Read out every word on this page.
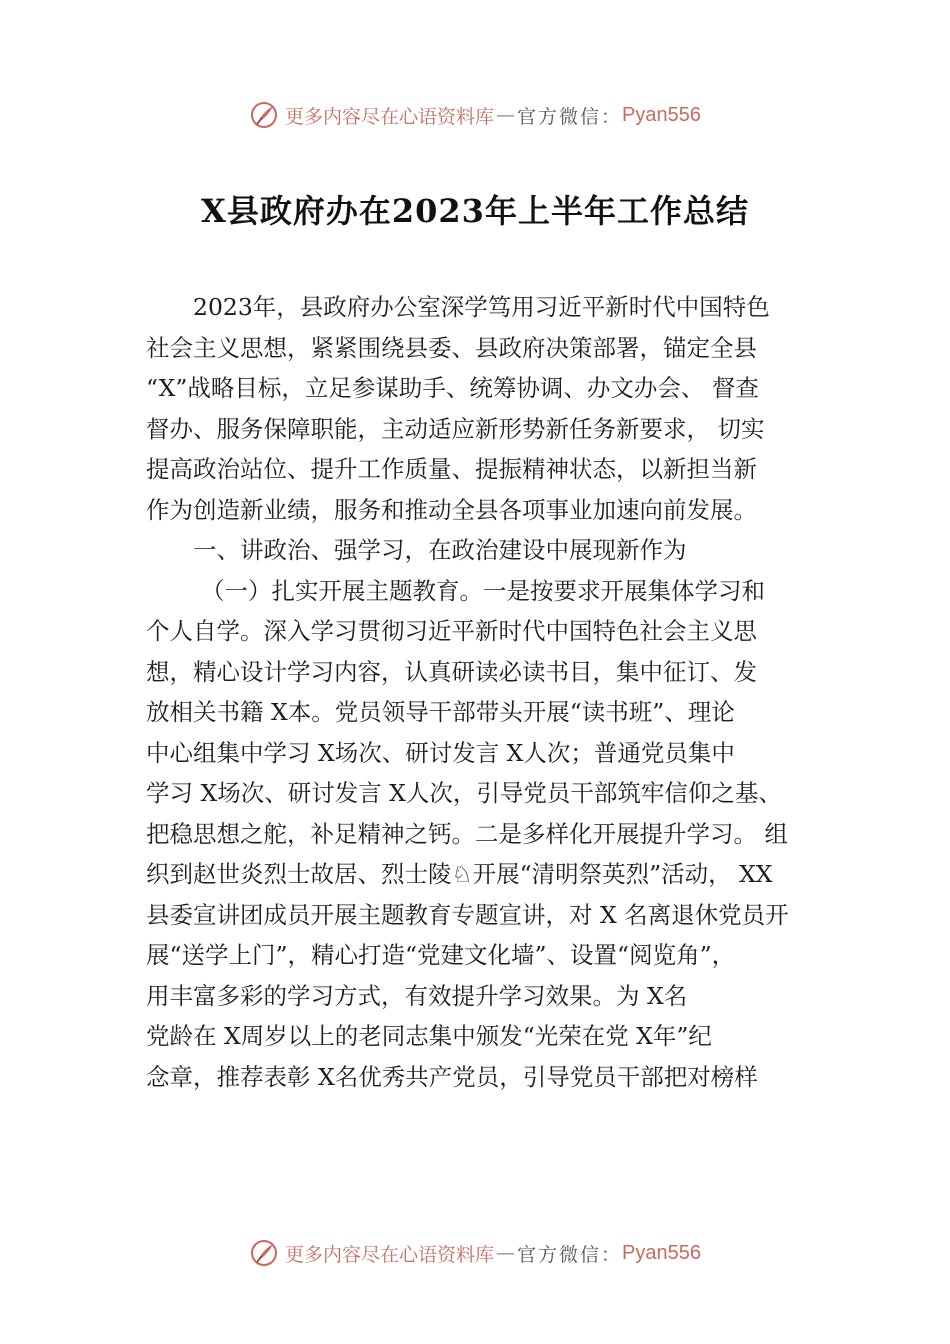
更多内容尽在心语资料库 — 官方微信： Pyan556
X县政府办在2023年上半年工作总结
2023年，县政府办公室深学笃用习近平新时代中国特色
社会主义思想，紧紧围绕县委、县政府决策部署，锚定全县
“X”战略目标，立足参谋助手、统筹协调、办文办会、 督查
督办、服务保障职能，主动适应新形势新任务新要求， 切实
提高政治站位、提升工作质量、提振精神状态，以新担当新
作为创造新业绩，服务和推动全县各项事业加速向前发展。
一、讲政治、强学习，在政治建设中展现新作为
（一）扎实开展主题教育。一是按要求开展集体学习和
个人自学。深入学习贯彻习近平新时代中国特色社会主义思
想，精心设计学习内容，认真研读必读书目，集中征订、发
放相关书籍 X本。党员领导干部带头开展“读书班”、理论
中心组集中学习 X场次、研讨发言 X人次；普通党员集中
学习 X场次、研讨发言 X人次，引导党员干部筑牢信仰之基、
把稳思想之舵，补足精神之钙。二是多样化开展提升学习。 组
织到赵世炎烈士故居、烈士陵♘开展“清明祭英烈”活动， XX
县委宣讲团成员开展主题教育专题宣讲，对 X 名离退休党员开
展“送学上门”，精心打造“党建文化墙”、设置“阅览角”，
用丰富多彩的学习方式，有效提升学习效果。为 X名
党龄在 X周岁以上的老同志集中颁发“光荣在党 X年”纪
念章，推荐表彰 X名优秀共产党员，引导党员干部把对榜样
更多内容尽在心语资料库 — 官方微信： Pyan556
